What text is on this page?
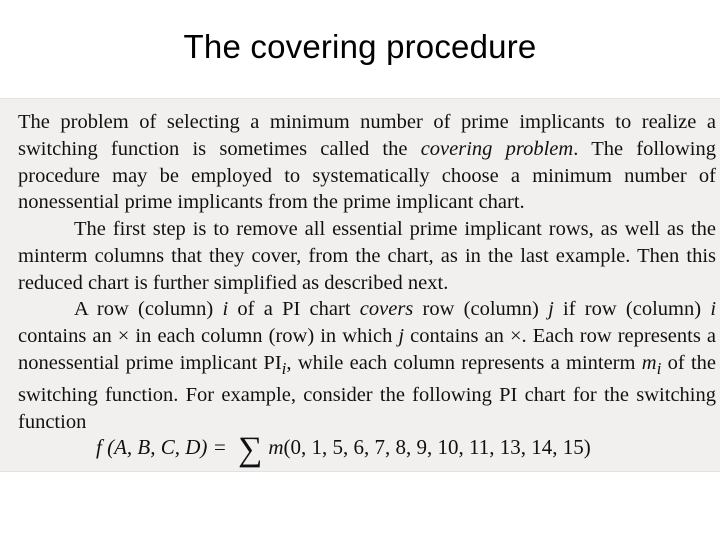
The covering procedure

The problem of selecting a minimum number of prime implicants to realize a switching function is sometimes called the covering problem. The following procedure may be employed to systematically choose a minimum number of nonessential prime implicants from the prime implicant chart.

The first step is to remove all essential prime implicant rows, as well as the minterm columns that they cover, from the chart, as in the last example. Then this reduced chart is further simplified as described next.

A row (column) i of a PI chart covers row (column) j if row (column) i contains an × in each column (row) in which j contains an ×. Each row represents a nonessential prime implicant $PI_i$, while each column represents a minterm $m_i$ of the switching function. For example, consider the following PI chart for the switching function

f (A, B, C, D) = ∑ m(0, 1, 5, 6, 7, 8, 9, 10, 11, 13, 14, 15)
